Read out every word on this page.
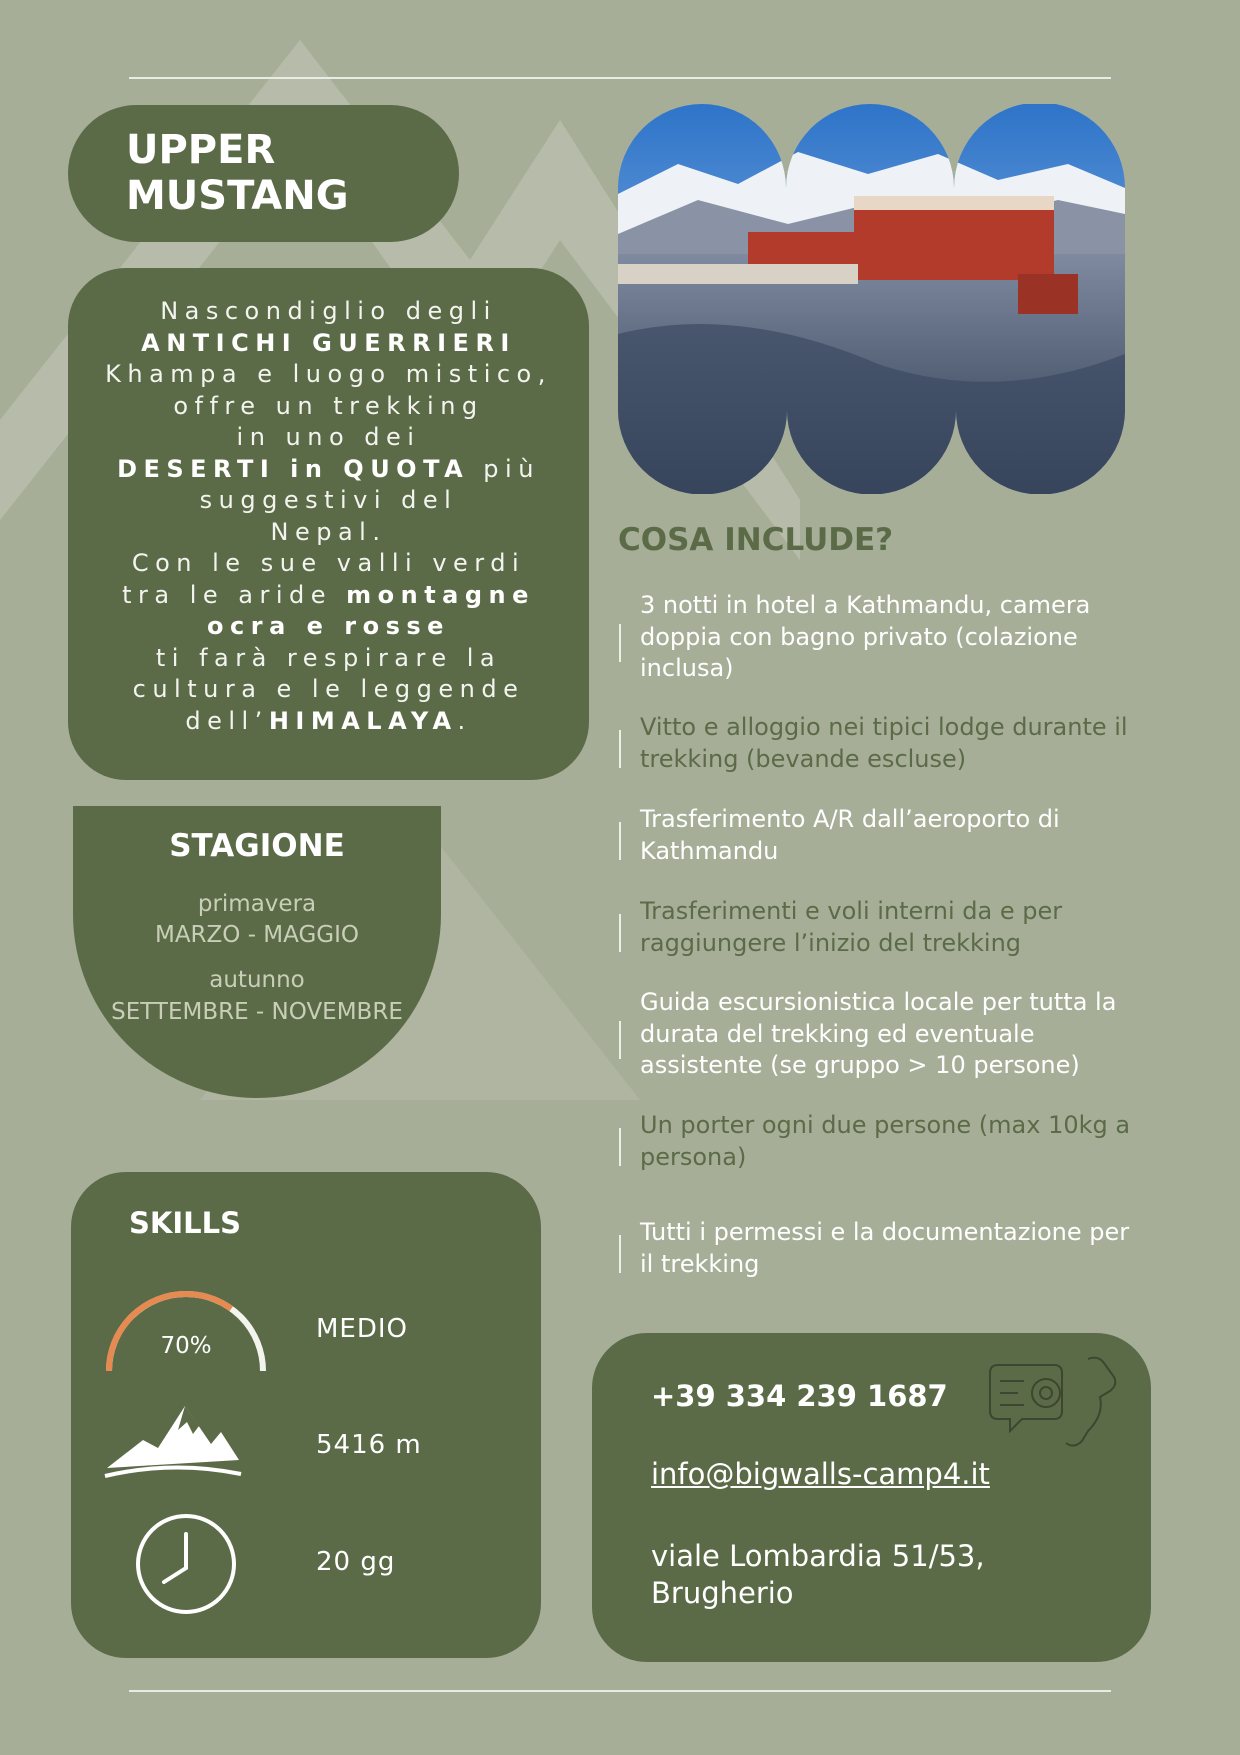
UPPER
MUSTANG
Nascondiglio degli
ANTICHI GUERRIERI
Khampa e luogo mistico,
offre un trekking
in uno dei
DESERTI in QUOTA più
suggestivi del
Nepal.
Con le sue valli verdi
tra le aride montagne
ocra e rosse
ti farà respirare la
cultura e le leggende
dell’HIMALAYA.
STAGIONE
primavera
MARZO - MAGGIO
autunno
SETTEMBRE - NOVEMBRE
SKILLS
70%
MEDIO
5416 m
20 gg
COSA INCLUDE?
3 notti in hotel a Kathmandu, camera doppia con bagno privato (colazione inclusa)
Vitto e alloggio nei tipici lodge durante il trekking (bevande escluse)
Trasferimento A/R dall’aeroporto di Kathmandu
Trasferimenti e voli interni da e per raggiungere l’inizio del trekking
Guida escursionistica locale per tutta la durata del trekking ed eventuale assistente (se gruppo > 10 persone)
Un porter ogni due persone (max 10kg a persona)
Tutti i permessi e la documentazione per il trekking
+39 334 239 1687
info@bigwalls-camp4.it
viale Lombardia 51/53,
Brugherio
